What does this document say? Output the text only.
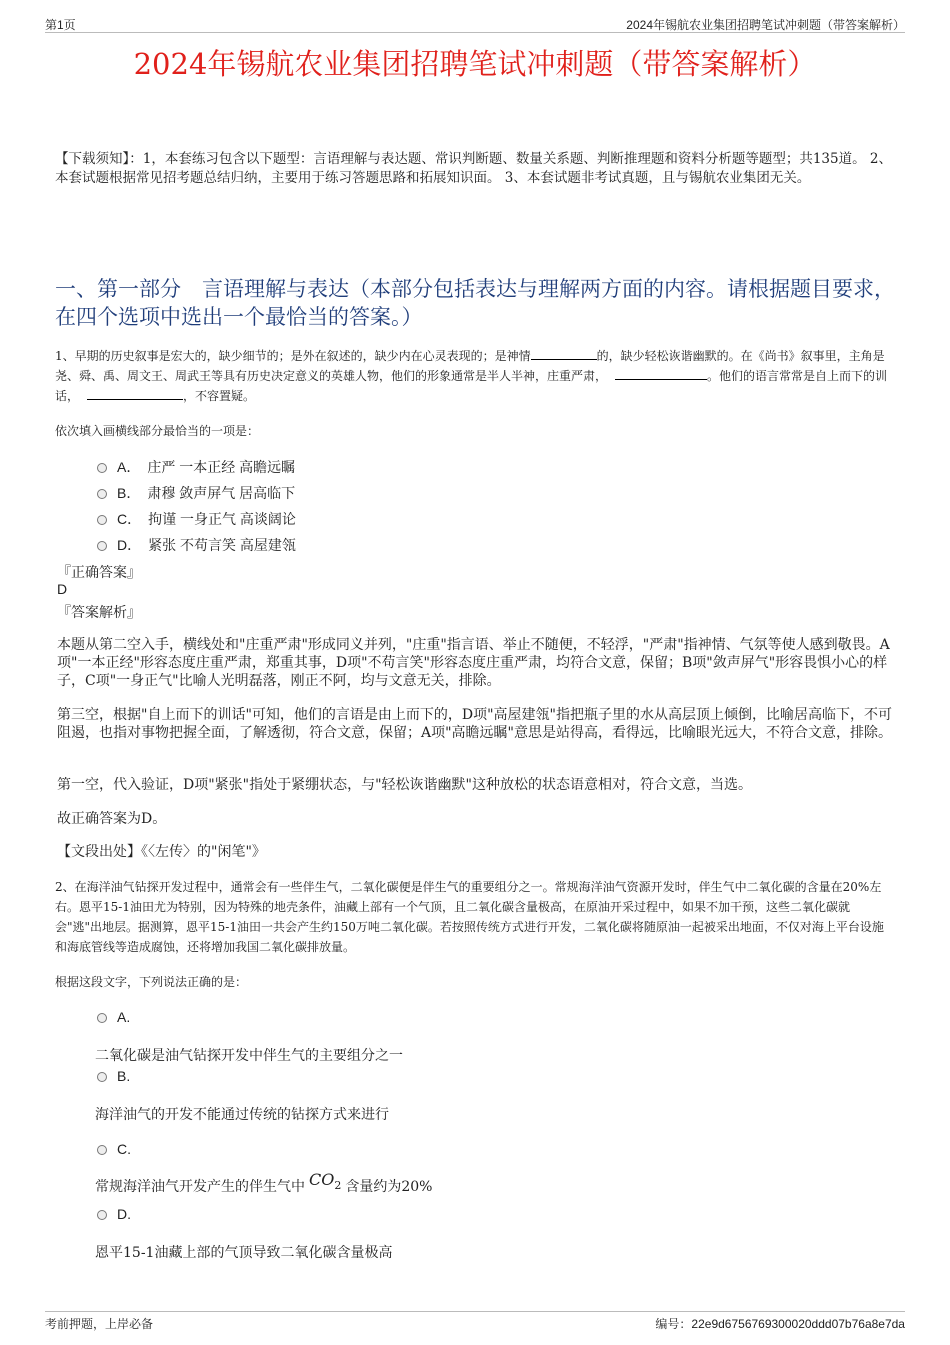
第1页	2024年锡航农业集团招聘笔试冲刺题（带答案解析）
2024年锡航农业集团招聘笔试冲刺题（带答案解析）
【下载须知】：1，本套练习包含以下题型：言语理解与表达题、常识判断题、数量关系题、判断推理题和资料分析题等题型；共135道。 2、本套试题根据常见招考题总结归纳，主要用于练习答题思路和拓展知识面。 3、本套试题非考试真题，且与锡航农业集团无关。
一、第一部分　言语理解与表达（本部分包括表达与理解两方面的内容。请根据题目要求，在四个选项中选出一个最恰当的答案。）
1、早期的历史叙事是宏大的，缺少细节的；是外在叙述的，缺少内在心灵表现的；是神情	的，缺少轻松诙谐幽默的。在《尚书》叙事里，主角是尧、舜、禹、周文王、周武王等具有历史决定意义的英雄人物，他们的形象通常是半人半神，庄重严肃，	。他们的语言常常是自上而下的训话，	，不容置疑。
依次填入画横线部分最恰当的一项是：
A．　庄严 一本正经 高瞻远瞩
B．　肃穆 敛声屏气 居高临下
C．　拘谨 一身正气 高谈阔论
D．　紧张 不苟言笑 高屋建瓴
『正确答案』
D
『答案解析』
本题从第二空入手，横线处和"庄重严肃"形成同义并列，"庄重"指言语、举止不随便，不轻浮，"严肃"指神情、气氛等使人感到敬畏。A项"一本正经"形容态度庄重严肃，郑重其事，D项"不苟言笑"形容态度庄重严肃，均符合文意，保留；B项"敛声屏气"形容畏惧小心的样子，C项"一身正气"比喻人光明磊落，刚正不阿，均与文意无关，排除。
第三空，根据"自上而下的训话"可知，他们的言语是由上而下的，D项"高屋建瓴"指把瓶子里的水从高层顶上倾倒，比喻居高临下，不可阻遏，也指对事物把握全面，了解透彻，符合文意，保留；A项"高瞻远瞩"意思是站得高，看得远，比喻眼光远大，不符合文意，排除。
第一空，代入验证，D项"紧张"指处于紧绷状态，与"轻松诙谐幽默"这种放松的状态语意相对，符合文意，当选。
故正确答案为D。
【文段出处】《〈左传〉的"闲笔"》
2、在海洋油气钻探开发过程中，通常会有一些伴生气，二氧化碳便是伴生气的重要组分之一。常规海洋油气资源开发时，伴生气中二氧化碳的含量在20%左右。恩平15-1油田尤为特别，因为特殊的地壳条件，油藏上部有一个气顶，且二氧化碳含量极高，在原油开采过程中，如果不加干预，这些二氧化碳就会"逃"出地层。据测算，恩平15-1油田一共会产生约150万吨二氧化碳。若按照传统方式进行开发，二氧化碳将随原油一起被采出地面，不仅对海上平台设施和海底管线等造成腐蚀，还将增加我国二氧化碳排放量。
根据这段文字，下列说法正确的是：
A.
二氧化碳是油气钻探开发中伴生气的主要组分之一
B.
海洋油气的开发不能通过传统的钻探方式来进行
C.
常规海洋油气开发产生的伴生气中 $CO_2$ 含量约为20%
D.
恩平15-1油藏上部的气顶导致二氧化碳含量极高
考前押题，上岸必备	编号：22e9d6756769300020ddd07b76a8e7da
